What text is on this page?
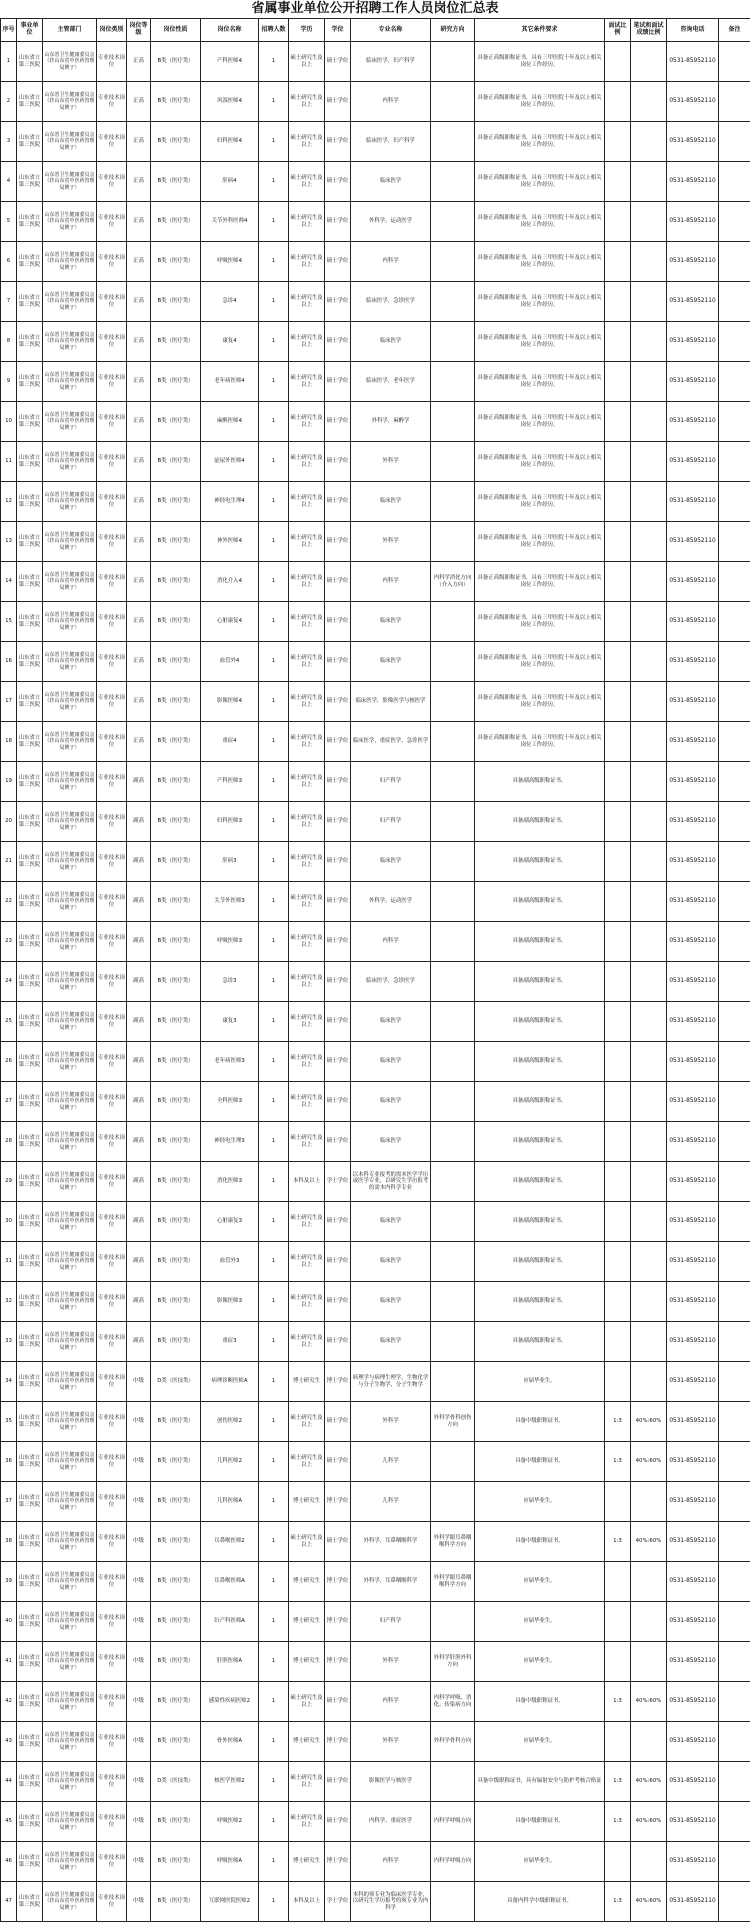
省属事业单位公开招聘工作人员岗位汇总表
序号	事业单位	主管部门	岗位类别	岗位等级	岗位性质	岗位名称	招聘人数	学历	学位	专业名称	研究方向	其它条件要求	面试比例	笔试和面试成绩比例	咨询电话	备注
1	山东省立第三医院	山东省卫生健康委员会（挂山东省中医药管理局牌子）	专业技术岗位	正高	B类（医疗类）	产科医师4	1	硕士研究生及以上	硕士学位	临床医学，妇产科学		具备正高级职称证书，具有三甲医院十年及以上相关岗位工作经历。			0531-85952110	
2	山东省立第三医院	山东省卫生健康委员会（挂山东省中医药管理局牌子）	专业技术岗位	正高	B类（医疗类）	风湿医师4	1	硕士研究生及以上	硕士学位	内科学		具备正高级职称证书，具有三甲医院十年及以上相关岗位工作经历。			0531-85952110	
3	山东省立第三医院	山东省卫生健康委员会（挂山东省中医药管理局牌子）	专业技术岗位	正高	B类（医疗类）	妇科医师4	1	硕士研究生及以上	硕士学位	临床医学，妇产科学		具备正高级职称证书，具有三甲医院十年及以上相关岗位工作经历。			0531-85952110	
4	山东省立第三医院	山东省卫生健康委员会（挂山东省中医药管理局牌子）	专业技术岗位	正高	B类（医疗类）	肝病4	1	硕士研究生及以上	硕士学位	临床医学		具备正高级职称证书，具有三甲医院十年及以上相关岗位工作经历。			0531-85952110	
5	山东省立第三医院	山东省卫生健康委员会（挂山东省中医药管理局牌子）	专业技术岗位	正高	B类（医疗类）	关节外科医师4	1	硕士研究生及以上	硕士学位	外科学，运动医学		具备正高级职称证书，具有三甲医院十年及以上相关岗位工作经历。			0531-85952110	
6	山东省立第三医院	山东省卫生健康委员会（挂山东省中医药管理局牌子）	专业技术岗位	正高	B类（医疗类）	呼吸医师4	1	硕士研究生及以上	硕士学位	内科学		具备正高级职称证书，具有三甲医院十年及以上相关岗位工作经历。			0531-85952110	
7	山东省立第三医院	山东省卫生健康委员会（挂山东省中医药管理局牌子）	专业技术岗位	正高	B类（医疗类）	急诊4	1	硕士研究生及以上	硕士学位	临床医学，急诊医学		具备正高级职称证书，具有三甲医院十年及以上相关岗位工作经历。			0531-85952110	
8	山东省立第三医院	山东省卫生健康委员会（挂山东省中医药管理局牌子）	专业技术岗位	正高	B类（医疗类）	康复4	1	硕士研究生及以上	硕士学位	临床医学		具备正高级职称证书，具有三甲医院十年及以上相关岗位工作经历。			0531-85952110	
9	山东省立第三医院	山东省卫生健康委员会（挂山东省中医药管理局牌子）	专业技术岗位	正高	B类（医疗类）	老年病医师4	1	硕士研究生及以上	硕士学位	临床医学，老年医学		具备正高级职称证书，具有三甲医院十年及以上相关岗位工作经历。			0531-85952110	
10	山东省立第三医院	山东省卫生健康委员会（挂山东省中医药管理局牌子）	专业技术岗位	正高	B类（医疗类）	麻醉医师4	1	硕士研究生及以上	硕士学位	外科学，麻醉学		具备正高级职称证书，具有三甲医院十年及以上相关岗位工作经历。			0531-85952110	
11	山东省立第三医院	山东省卫生健康委员会（挂山东省中医药管理局牌子）	专业技术岗位	正高	B类（医疗类）	泌尿外医师4	1	硕士研究生及以上	硕士学位	外科学		具备正高级职称证书，具有三甲医院十年及以上相关岗位工作经历。			0531-85952110	
12	山东省立第三医院	山东省卫生健康委员会（挂山东省中医药管理局牌子）	专业技术岗位	正高	B类（医疗类）	神经电生理4	1	硕士研究生及以上	硕士学位	临床医学		具备正高级职称证书，具有三甲医院十年及以上相关岗位工作经历。			0531-85952110	
13	山东省立第三医院	山东省卫生健康委员会（挂山东省中医药管理局牌子）	专业技术岗位	正高	B类（医疗类）	神外医师4	1	硕士研究生及以上	硕士学位	外科学		具备正高级职称证书，具有三甲医院十年及以上相关岗位工作经历。			0531-85952110	
14	山东省立第三医院	山东省卫生健康委员会（挂山东省中医药管理局牌子）	专业技术岗位	正高	B类（医疗类）	消化介入4	1	硕士研究生及以上	硕士学位	内科学	内科学消化方向（介入方向）	具备正高级职称证书，具有三甲医院十年及以上相关岗位工作经历。			0531-85952110	
15	山东省立第三医院	山东省卫生健康委员会（挂山东省中医药管理局牌子）	专业技术岗位	正高	B类（医疗类）	心脏康复4	1	硕士研究生及以上	硕士学位	临床医学		具备正高级职称证书，具有三甲医院十年及以上相关岗位工作经历。			0531-85952110	
16	山东省立第三医院	山东省卫生健康委员会（挂山东省中医药管理局牌子）	专业技术岗位	正高	B类（医疗类）	血管外4	1	硕士研究生及以上	硕士学位	临床医学		具备正高级职称证书，具有三甲医院十年及以上相关岗位工作经历。			0531-85952110	
17	山东省立第三医院	山东省卫生健康委员会（挂山东省中医药管理局牌子）	专业技术岗位	正高	B类（医疗类）	影像医师4	1	硕士研究生及以上	硕士学位	临床医学，影像医学与核医学		具备正高级职称证书，具有三甲医院十年及以上相关岗位工作经历。			0531-85952110	
18	山东省立第三医院	山东省卫生健康委员会（挂山东省中医药管理局牌子）	专业技术岗位	正高	B类（医疗类）	重症4	1	硕士研究生及以上	硕士学位	临床医学，重症医学，急诊医学		具备正高级职称证书，具有三甲医院十年及以上相关岗位工作经历。			0531-85952110	
19	山东省立第三医院	山东省卫生健康委员会（挂山东省中医药管理局牌子）	专业技术岗位	副高	B类（医疗类）	产科医师3	1	硕士研究生及以上	硕士学位	妇产科学		具备副高级职称证书。			0531-85952110	
20	山东省立第三医院	山东省卫生健康委员会（挂山东省中医药管理局牌子）	专业技术岗位	副高	B类（医疗类）	妇科医师3	1	硕士研究生及以上	硕士学位	妇产科学		具备副高级职称证书。			0531-85952110	
21	山东省立第三医院	山东省卫生健康委员会（挂山东省中医药管理局牌子）	专业技术岗位	副高	B类（医疗类）	肝病3	1	硕士研究生及以上	硕士学位	临床医学		具备副高级职称证书。			0531-85952110	
22	山东省立第三医院	山东省卫生健康委员会（挂山东省中医药管理局牌子）	专业技术岗位	副高	B类（医疗类）	关节外医师3	1	硕士研究生及以上	硕士学位	外科学，运动医学		具备副高级职称证书。			0531-85952110	
23	山东省立第三医院	山东省卫生健康委员会（挂山东省中医药管理局牌子）	专业技术岗位	副高	B类（医疗类）	呼吸医师3	1	硕士研究生及以上	硕士学位	内科学		具备副高级职称证书。			0531-85952110	
24	山东省立第三医院	山东省卫生健康委员会（挂山东省中医药管理局牌子）	专业技术岗位	副高	B类（医疗类）	急诊3	1	硕士研究生及以上	硕士学位	临床医学，急诊医学		具备副高级职称证书。			0531-85952110	
25	山东省立第三医院	山东省卫生健康委员会（挂山东省中医药管理局牌子）	专业技术岗位	副高	B类（医疗类）	康复3	1	硕士研究生及以上	硕士学位	临床医学		具备副高级职称证书。			0531-85952110	
26	山东省立第三医院	山东省卫生健康委员会（挂山东省中医药管理局牌子）	专业技术岗位	副高	B类（医疗类）	老年病医师3	1	硕士研究生及以上	硕士学位	临床医学		具备副高级职称证书。			0531-85952110	
27	山东省立第三医院	山东省卫生健康委员会（挂山东省中医药管理局牌子）	专业技术岗位	副高	B类（医疗类）	全科医师3	1	硕士研究生及以上	硕士学位	临床医学		具备副高级职称证书。			0531-85952110	
28	山东省立第三医院	山东省卫生健康委员会（挂山东省中医药管理局牌子）	专业技术岗位	副高	B类（医疗类）	神经电生理3	1	硕士研究生及以上	硕士学位	临床医学		具备副高级职称证书。			0531-85952110	
29	山东省立第三医院	山东省卫生健康委员会（挂山东省中医药管理局牌子）	专业技术岗位	副高	B类（医疗类）	消化医师3	1	本科及以上	学士学位	以本科专业报考的需本医学学历或医学专业，以研究生学历报考的需本内科学专业		具备副高级职称证书。			0531-85952110	
30	山东省立第三医院	山东省卫生健康委员会（挂山东省中医药管理局牌子）	专业技术岗位	副高	B类（医疗类）	心脏康复3	1	硕士研究生及以上	硕士学位	临床医学		具备副高级职称证书。			0531-85952110	
31	山东省立第三医院	山东省卫生健康委员会（挂山东省中医药管理局牌子）	专业技术岗位	副高	B类（医疗类）	血管外3	1	硕士研究生及以上	硕士学位	临床医学		具备副高级职称证书。			0531-85952110	
32	山东省立第三医院	山东省卫生健康委员会（挂山东省中医药管理局牌子）	专业技术岗位	副高	B类（医疗类）	影像医师3	1	硕士研究生及以上	硕士学位	临床医学		具备副高级职称证书。			0531-85952110	
33	山东省立第三医院	山东省卫生健康委员会（挂山东省中医药管理局牌子）	专业技术岗位	副高	B类（医疗类）	重症3	1	硕士研究生及以上	硕士学位	临床医学		具备副高级职称证书。			0531-85952110	
34	山东省立第三医院	山东省卫生健康委员会（挂山东省中医药管理局牌子）	专业技术岗位	中级	D类（医技类）	病理诊断医师A	1	博士研究生	博士学位	病理学与病理生理学，生物化学与分子生物学，分子生物学		应届毕业生。			0531-85952110	
35	山东省立第三医院	山东省卫生健康委员会（挂山东省中医药管理局牌子）	专业技术岗位	中级	B类（医疗类）	创伤医师2	1	硕士研究生及以上	硕士学位	外科学	外科学骨科创伤方向	具备中级职称证书。	1:3	40%:60%	0531-85952110	
36	山东省立第三医院	山东省卫生健康委员会（挂山东省中医药管理局牌子）	专业技术岗位	中级	B类（医疗类）	儿科医师2	1	硕士研究生及以上	硕士学位	儿科学		具备中级职称证书。	1:3	40%:60%	0531-85952110	
37	山东省立第三医院	山东省卫生健康委员会（挂山东省中医药管理局牌子）	专业技术岗位	中级	B类（医疗类）	儿科医师A	1	博士研究生	博士学位	儿科学		应届毕业生。			0531-85952110	
38	山东省立第三医院	山东省卫生健康委员会（挂山东省中医药管理局牌子）	专业技术岗位	中级	B类（医疗类）	耳鼻喉医师2	1	硕士研究生及以上	硕士学位	外科学，耳鼻咽喉科学	外科学眼耳鼻咽喉科学方向	具备中级职称证书。	1:3	40%:60%	0531-85952110	
39	山东省立第三医院	山东省卫生健康委员会（挂山东省中医药管理局牌子）	专业技术岗位	中级	B类（医疗类）	耳鼻喉医师A	1	博士研究生	博士学位	外科学，耳鼻咽喉科学	外科学眼耳鼻咽喉科学方向	应届毕业生。			0531-85952110	
40	山东省立第三医院	山东省卫生健康委员会（挂山东省中医药管理局牌子）	专业技术岗位	中级	B类（医疗类）	妇产科医师A	1	博士研究生	博士学位	妇产科学		应届毕业生。			0531-85952110	
41	山东省立第三医院	山东省卫生健康委员会（挂山东省中医药管理局牌子）	专业技术岗位	中级	B类（医疗类）	肝胆医师A	1	博士研究生	博士学位	外科学	外科学肝胆外科方向	应届毕业生。			0531-85952110	
42	山东省立第三医院	山东省卫生健康委员会（挂山东省中医药管理局牌子）	专业技术岗位	中级	B类（医疗类）	感染性疾病医师2	1	硕士研究生及以上	硕士学位	内科学	内科学呼吸、消化、传染病方向	具备中级职称证书。	1:3	40%:60%	0531-85952110	
43	山东省立第三医院	山东省卫生健康委员会（挂山东省中医药管理局牌子）	专业技术岗位	中级	B类（医疗类）	骨外医师A	1	博士研究生	博士学位	外科学	外科学骨科方向	应届毕业生。			0531-85952110	
44	山东省立第三医院	山东省卫生健康委员会（挂山东省中医药管理局牌子）	专业技术岗位	中级	D类（医技类）	核医学医师2	1	硕士研究生及以上	硕士学位	影像医学与核医学		具备中级职称证书，具有辐射安全与防护考核合格证	1:3	40%:60%	0531-85952110	
45	山东省立第三医院	山东省卫生健康委员会（挂山东省中医药管理局牌子）	专业技术岗位	中级	B类（医疗类）	呼吸医师2	1	硕士研究生及以上	硕士学位	内科学，重症医学	内科学呼吸方向	具备中级职称证书。	1:3	40%:60%	0531-85952110	
46	山东省立第三医院	山东省卫生健康委员会（挂山东省中医药管理局牌子）	专业技术岗位	中级	B类（医疗类）	呼吸医师A	1	博士研究生	博士学位	内科学	内科学呼吸方向	应届毕业生。			0531-85952110	
47	山东省立第三医院	山东省卫生健康委员会（挂山东省中医药管理局牌子）	专业技术岗位	中级	B类（医疗类）	互联网医院医师2	1	本科及以上	学士学位	本科的须专业为临床医学专业，以研究生学历报考的须专业为内科学		具备内科学中级职称证书。	1:3	40%:60%	0531-85952110	
